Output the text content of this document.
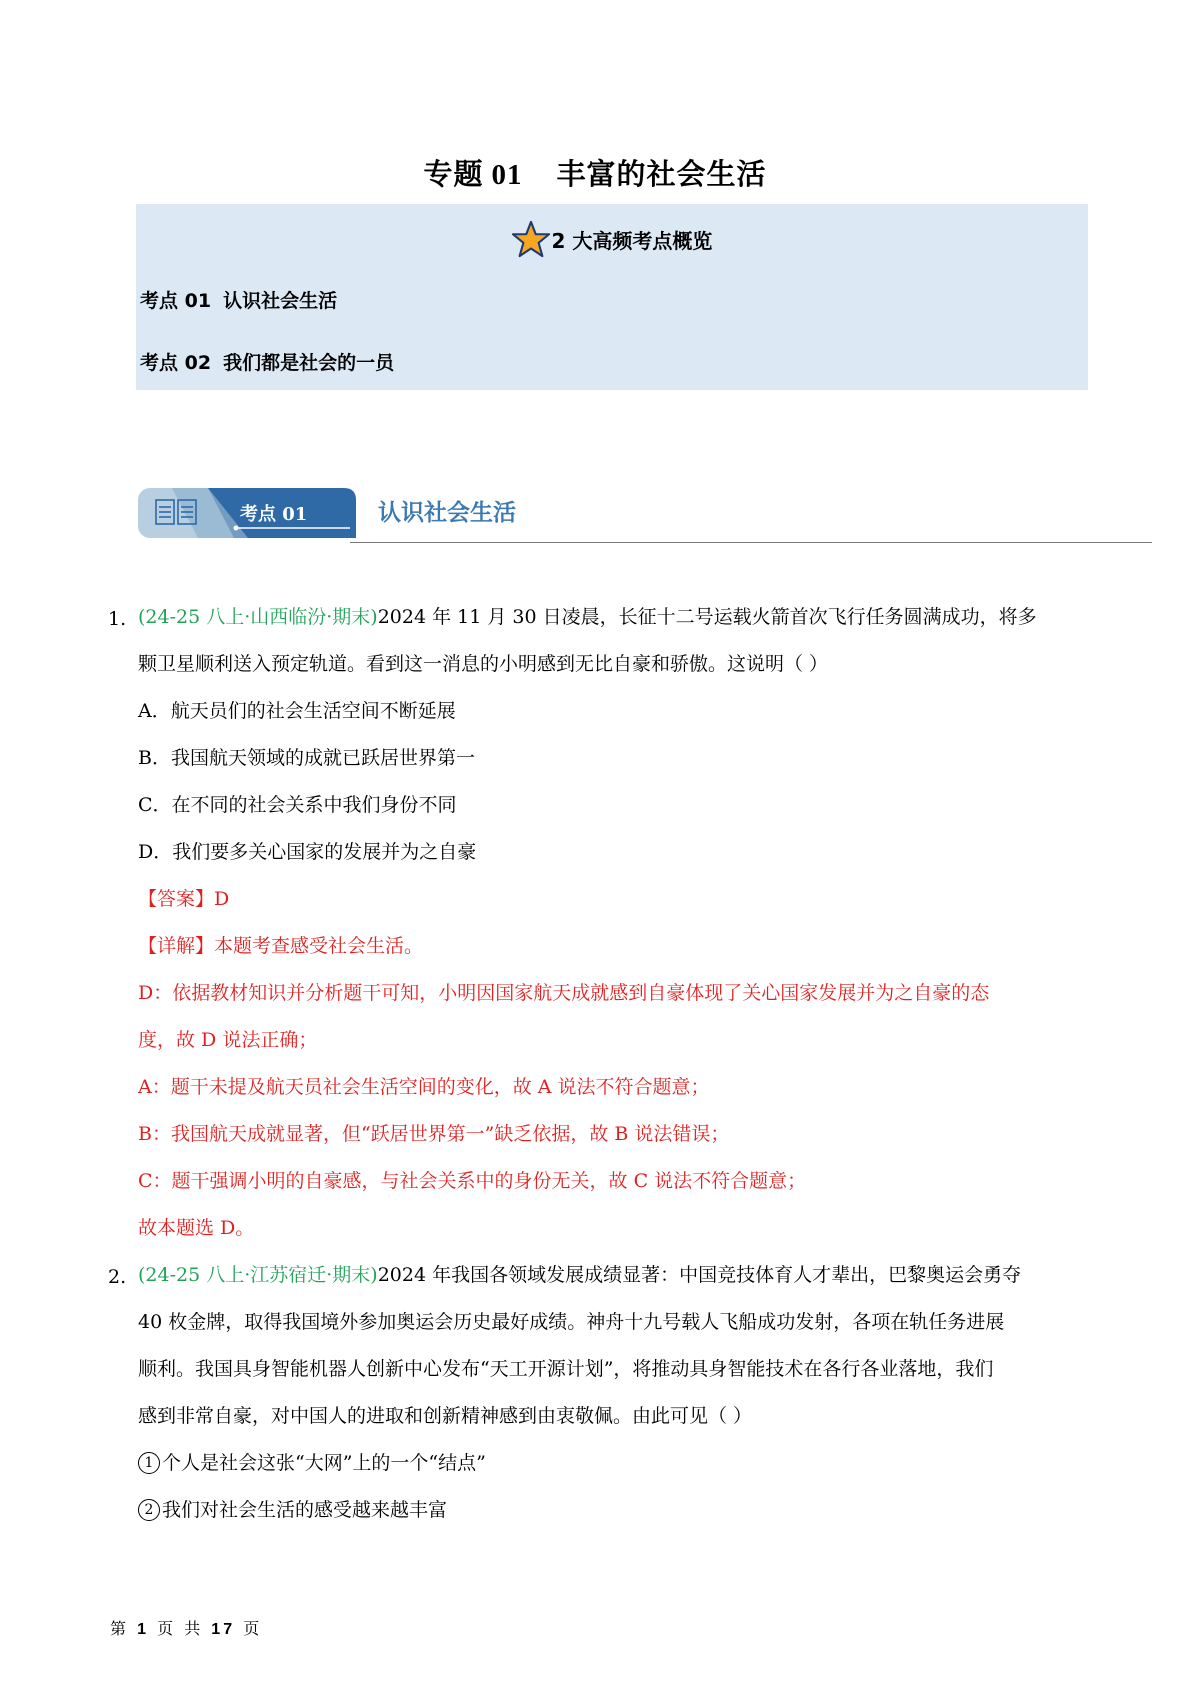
专题 01 丰富的社会生活
2 大高频考点概览
考点 01 认识社会生活
考点 02 我们都是社会的一员
考点 01	认识社会生活
1. (24-25 八上·山西临汾·期末)2024 年 11 月 30 日凌晨，长征十二号运载火箭首次飞行任务圆满成功，将多
颗卫星顺利送入预定轨道。看到这一消息的小明感到无比自豪和骄傲。这说明（ ）
A．航天员们的社会生活空间不断延展
B．我国航天领域的成就已跃居世界第一
C．在不同的社会关系中我们身份不同
D．我们要多关心国家的发展并为之自豪
【答案】D
【详解】本题考查感受社会生活。
D：依据教材知识并分析题干可知，小明因国家航天成就感到自豪体现了关心国家发展并为之自豪的态
度，故 D 说法正确；
A：题干未提及航天员社会生活空间的变化，故 A 说法不符合题意；
B：我国航天成就显著，但“跃居世界第一”缺乏依据，故 B 说法错误；
C：题干强调小明的自豪感，与社会关系中的身份无关，故 C 说法不符合题意；
故本题选 D。
2. (24-25 八上·江苏宿迁·期末)2024 年我国各领域发展成绩显著：中国竞技体育人才辈出，巴黎奥运会勇夺
40 枚金牌，取得我国境外参加奥运会历史最好成绩。神舟十九号载人飞船成功发射，各项在轨任务进展
顺利。我国具身智能机器人创新中心发布“天工开源计划”，将推动具身智能技术在各行各业落地，我们
感到非常自豪，对中国人的进取和创新精神感到由衷敬佩。由此可见（ ）
1 个人是社会这张“大网”上的一个“结点”
2 我们对社会生活的感受越来越丰富
第 1 页 共 17 页
